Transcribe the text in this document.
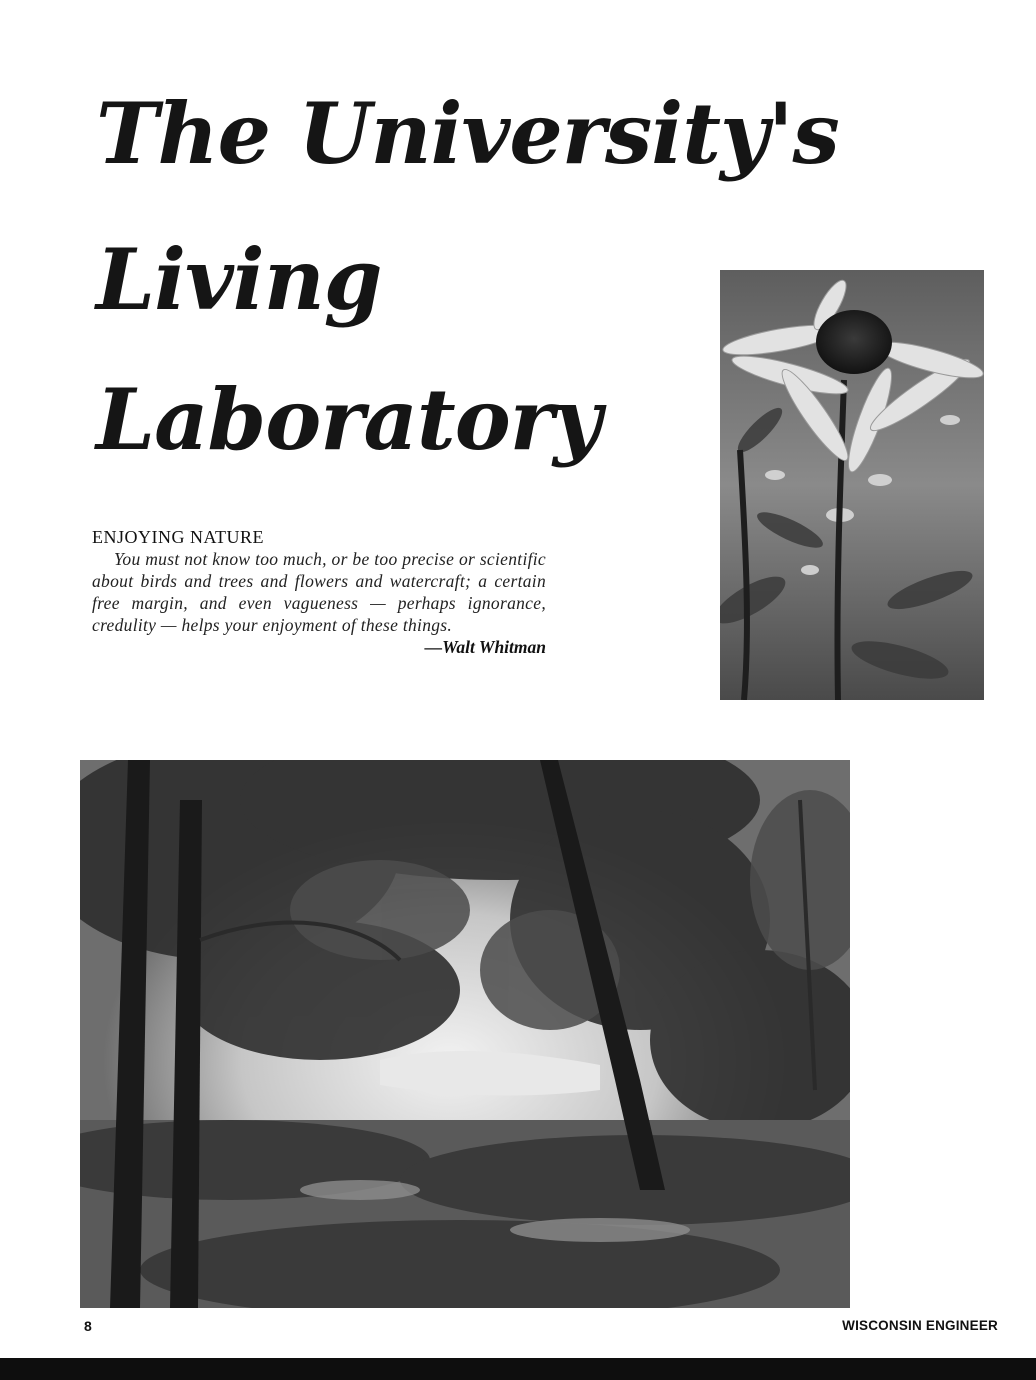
The University's
Living
Laboratory

ENJOYING NATURE

You must not know too much, or be too precise or scientific about birds and trees and flowers and watercraft; a certain free margin, and even vagueness — perhaps ignorance, credulity — helps your enjoyment of these things.

—Walt Whitman

8	WISCONSIN ENGINEER
